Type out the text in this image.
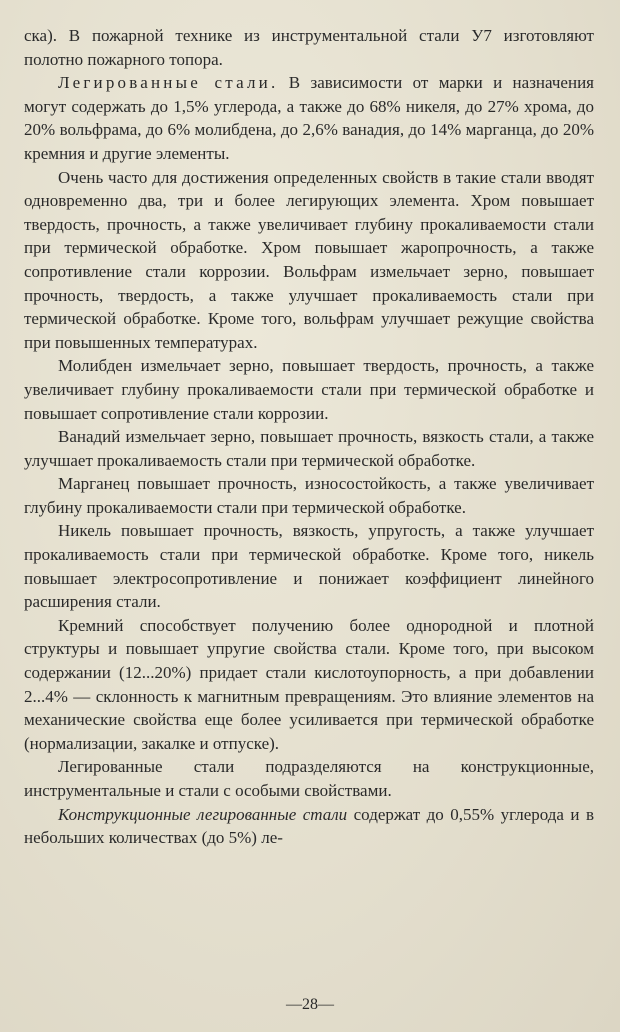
ска). В пожарной технике из инструментальной стали У7 изготовляют полотно пожарного топора.

Легированные стали. В зависимости от марки и назначения могут содержать до 1,5% углерода, а также до 68% никеля, до 27% хрома, до 20% вольфрама, до 6% молибдена, до 2,6% ванадия, до 14% марганца, до 20% кремния и другие элементы.

Очень часто для достижения определенных свойств в такие стали вводят одновременно два, три и более легирующих элемента. Хром повышает твердость, прочность, а также увеличивает глубину прокаливаемости стали при термической обработке. Хром повышает жаропрочность, а также сопротивление стали коррозии. Вольфрам измельчает зерно, повышает прочность, твердость, а также улучшает прокаливаемость стали при термической обработке. Кроме того, вольфрам улучшает режущие свойства при повышенных температурах.

Молибден измельчает зерно, повышает твердость, прочность, а также увеличивает глубину прокаливаемости стали при термической обработке и повышает сопротивление стали коррозии.

Ванадий измельчает зерно, повышает прочность, вязкость стали, а также улучшает прокаливаемость стали при термической обработке.

Марганец повышает прочность, износостойкость, а также увеличивает глубину прокаливаемости стали при термической обработке.

Никель повышает прочность, вязкость, упругость, а также улучшает прокаливаемость стали при термической обработке. Кроме того, никель повышает электросопротивление и понижает коэффициент линейного расширения стали.

Кремний способствует получению более однородной и плотной структуры и повышает упругие свойства стали. Кроме того, при высоком содержании (12...20%) придает стали кислотоупорность, а при добавлении 2...4% — склонность к магнитным превращениям. Это влияние элементов на механические свойства еще более усиливается при термической обработке (нормализации, закалке и отпуске).

Легированные стали подразделяются на конструкционные, инструментальные и стали с особыми свойствами.

Конструкционные легированные стали содержат до 0,55% углерода и в небольших количествах (до 5%) ле-

—28—
